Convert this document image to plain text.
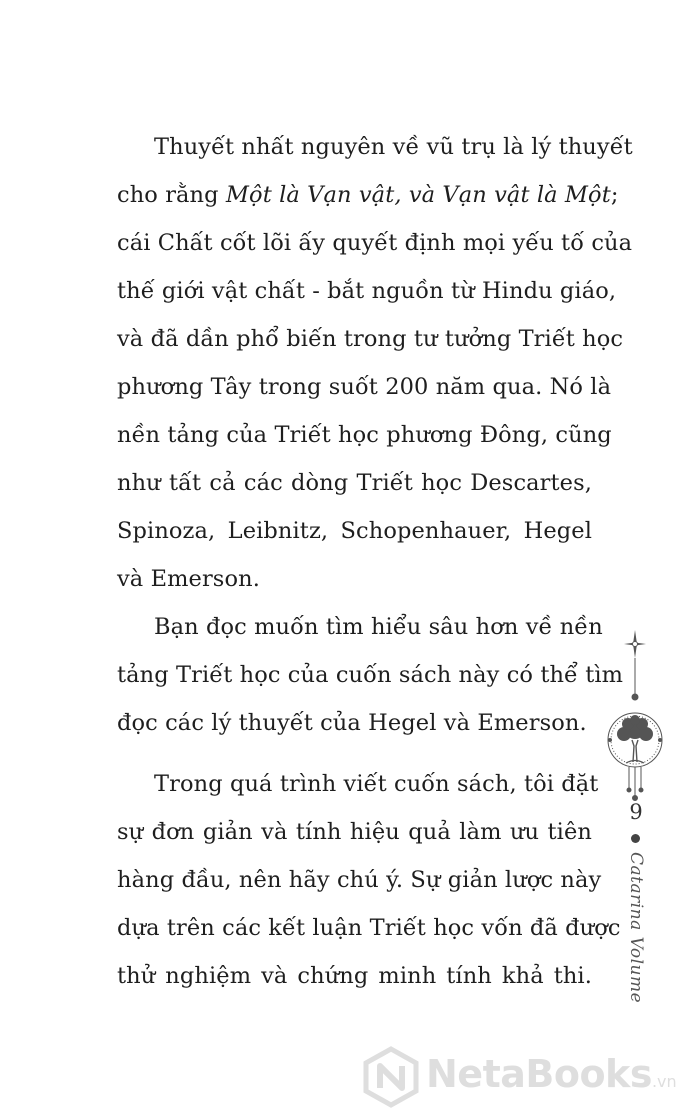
Thuyết nhất nguyên về vũ trụ là lý thuyết
cho rằng Một là Vạn vật, và Vạn vật là Một;
cái Chất cốt lõi ấy quyết định mọi yếu tố của
thế giới vật chất - bắt nguồn từ Hindu giáo,
và đã dần phổ biến trong tư tưởng Triết học
phương Tây trong suốt 200 năm qua. Nó là
nền tảng của Triết học phương Đông, cũng
như tất cả các dòng Triết học Descartes,
Spinoza, Leibnitz, Schopenhauer, Hegel
và Emerson.
Bạn đọc muốn tìm hiểu sâu hơn về nền
tảng Triết học của cuốn sách này có thể tìm
đọc các lý thuyết của Hegel và Emerson.
Trong quá trình viết cuốn sách, tôi đặt
sự đơn giản và tính hiệu quả làm ưu tiên
hàng đầu, nên hãy chú ý. Sự giản lược này
dựa trên các kết luận Triết học vốn đã được
thử nghiệm và chứng minh tính khả thi.
9
Catarina Volume
NetaBooks.vn
